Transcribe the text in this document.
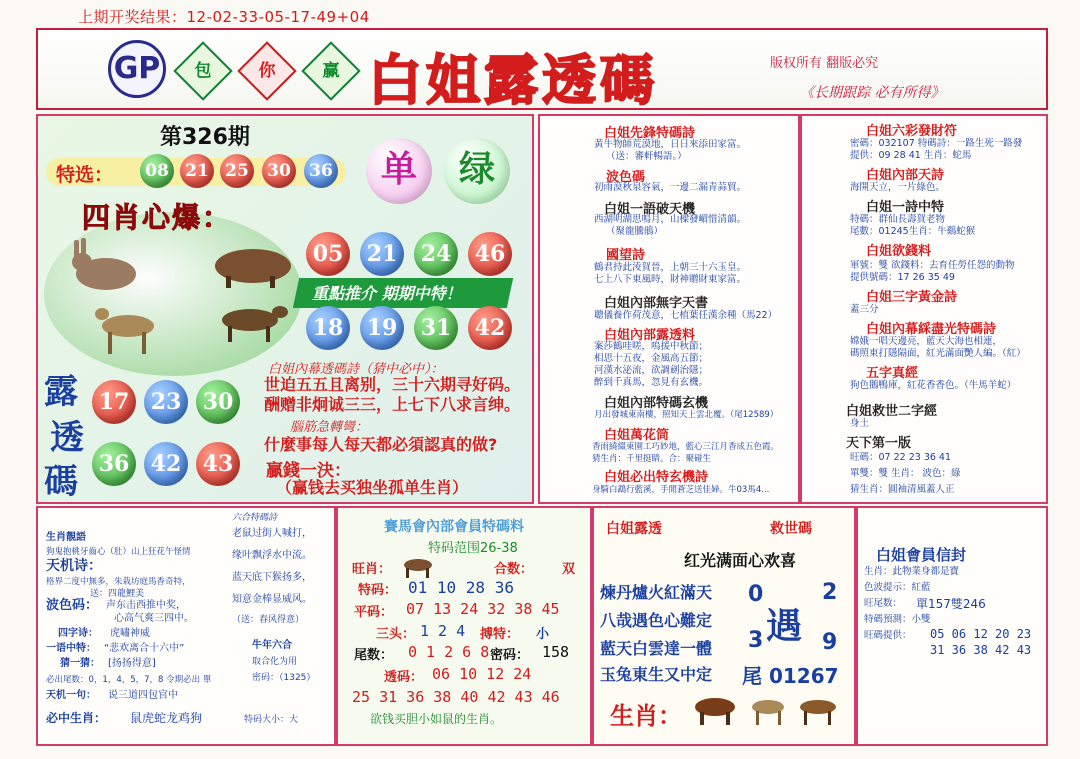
上期开奖结果：12-02-33-05-17-49+04
GP	包	你	赢 白姐露透碼	版权所有 翻版必究
《长期跟踪 必有所得》
第326期
特选：	08 21 25	30	36	单	绿
四肖心爆：
05	21	24	46
重點推介 期期中特！
18	19	31	42
露
透
碼
17 23 30
36 42 43
白姐內幕透碼詩（猜中必中）：
世迫五五且离别，三十六期寻好码。
酬赠非炯诚三三，上七下八求言绅。
腦筋急轉彎：
什麼事每人每天都必須認真的做?
贏錢一決：
（赢钱去买独坐孤单生肖）
白姐先鋒特碼詩
黃牛物師荒漠地，日日來添田家富。
（送：審軒暢語。）
波色碼
初雨漠秋泉容氣，一邊二漏青蒜貿。
白姐一語破天機
西湖明湖思嗚月，山樑發嵋惜清韻。
（聚龍騰鵑）
國望詩
鶴君持此淩賀晉，上朝三十六玉皇。
七上八下東風時，財神贈財東家富。
白姐內部無字天書
聰儀養作荷茂意，七植葉任漢余種（馬22）
白姐內部露透料
案莎鶴哇嗟，嗚援中秋節；
相思十五夜，金風高五節；
河漢水泌流，欲調劍治隱；
醉到千真馬，忽見有玄機。
白姐內部特碼玄機
月出發城東南樓，照知天上雲北覆。（尾12589）
白姐萬花筒
香雨繞綴東園工巧妙地，藍心三江月香成五色霞。
猜生肖：千里挺睛。合：聚碰生
白姐必出特玄機詩
身騎白鵡行藍溪，手閒蒼芝送佳婦。牛03馬4...
白姐六彩發財符
密碼：032107 特碼詩：一路生死一路發
提供：09 28 41 生肖：蛇馬
白姐內部天詩
海開天立，一片綠色。
白姐一詩中特
特碼：群仙長壽賀老物
尾數：01245生肖：牛鷄蛇猴
白姐欲錢料
軍號：雙 欲錢料：去育任勞任怨的動物
提供號碼：17 26 35 49
白姐三字黃金詩
蓋三分
白姐內幕綵盡光特碼詩
嫦娥一唱天邊亮，藍天大海也相連，
碼照東打隱隔面，紅光滿面艷人編。（紅）
五字真經
狗色鵝鴨庫，紅花香香色。（牛馬羊蛇）
白姐救世二字經
身土
天下第一版
旺碼：07 22 23 36 41
單雙：雙 生肖： 波色：綠
猜生肖：圓袖清風蓋人正
生肖靚語
狗鬼抱桃牙齒心（肚）山上狂花午怪情
天机诗：
格界二度中無多，朱栽坊庭馬香奇特，
送：四龍鯉美
波色码： 声东击西推中奖，
心高气爽三四中。
四字诗： 虎嘯神威
一语中特： “悲欢离合十六中”
猜一猜： [扬扬得意]
必出尾数：0，1，4，5，7，8 令期必出 單
天机一句： 说三道四包官中
必中生肖： 鼠虎蛇龙鸡狗	特码大小：大
六合特碼詩
老鼠过街人喊打，
缘叶飘浮水中流。
蓝天底下猴扬多，
知意金棒显威风。
（送：春风得意）
牛年六合
取合化为用
密码：（1325）
賽馬會內部會員特碼料
特码范围26-38
旺肖：	合数： 双
特码： 01 10 28 36
平码： 07 13 24 32 38 45
三头： 1 2 4 搏特： 小
尾数： 0 1 2 6 8 密码： 158
透码： 06 10 12 24
25 31 36 38 40 42 43 46
欲钱买胆小如鼠的生肖。
白姐露透	救世碼
红光满面心欢喜
煉丹爐火紅滿天
八哉遇色心難定
藍天白雲達一體
玉兔東生又中定
0	2
遇
3	9
尾 01267
生肖：
白姐會員信封
生肖：此物業身都是寶
色波提示：紅藍
旺尾数： 單157雙246
特碼預測：小雙
旺碼提供： 05 06 12 20 23
31 36 38 42 43
